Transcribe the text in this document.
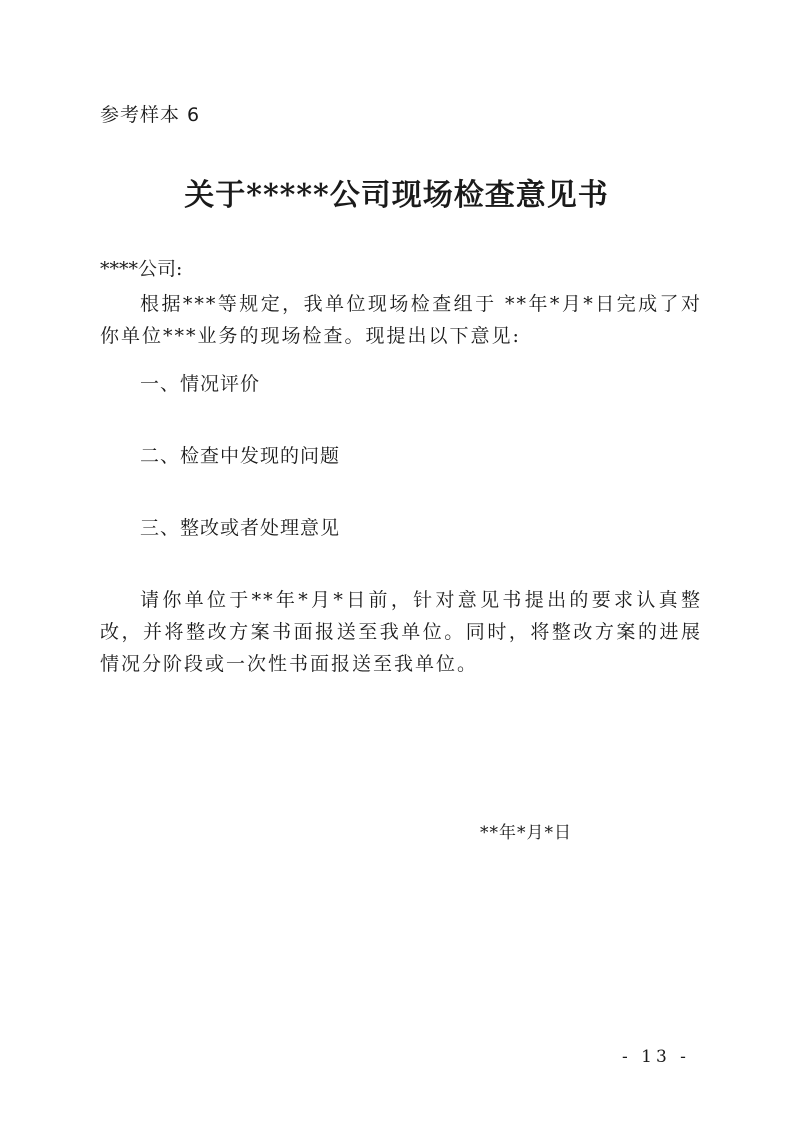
参考样本 6
关于*****公司现场检查意见书
****公司:
根据***等规定，我单位现场检查组于 **年*月*日完成了对你单位***业务的现场检查。现提出以下意见:
一、情况评价
二、检查中发现的问题
三、整改或者处理意见
请你单位于**年*月*日前，针对意见书提出的要求认真整改，并将整改方案书面报送至我单位。同时，将整改方案的进展情况分阶段或一次性书面报送至我单位。
**年*月*日
- 13 -
